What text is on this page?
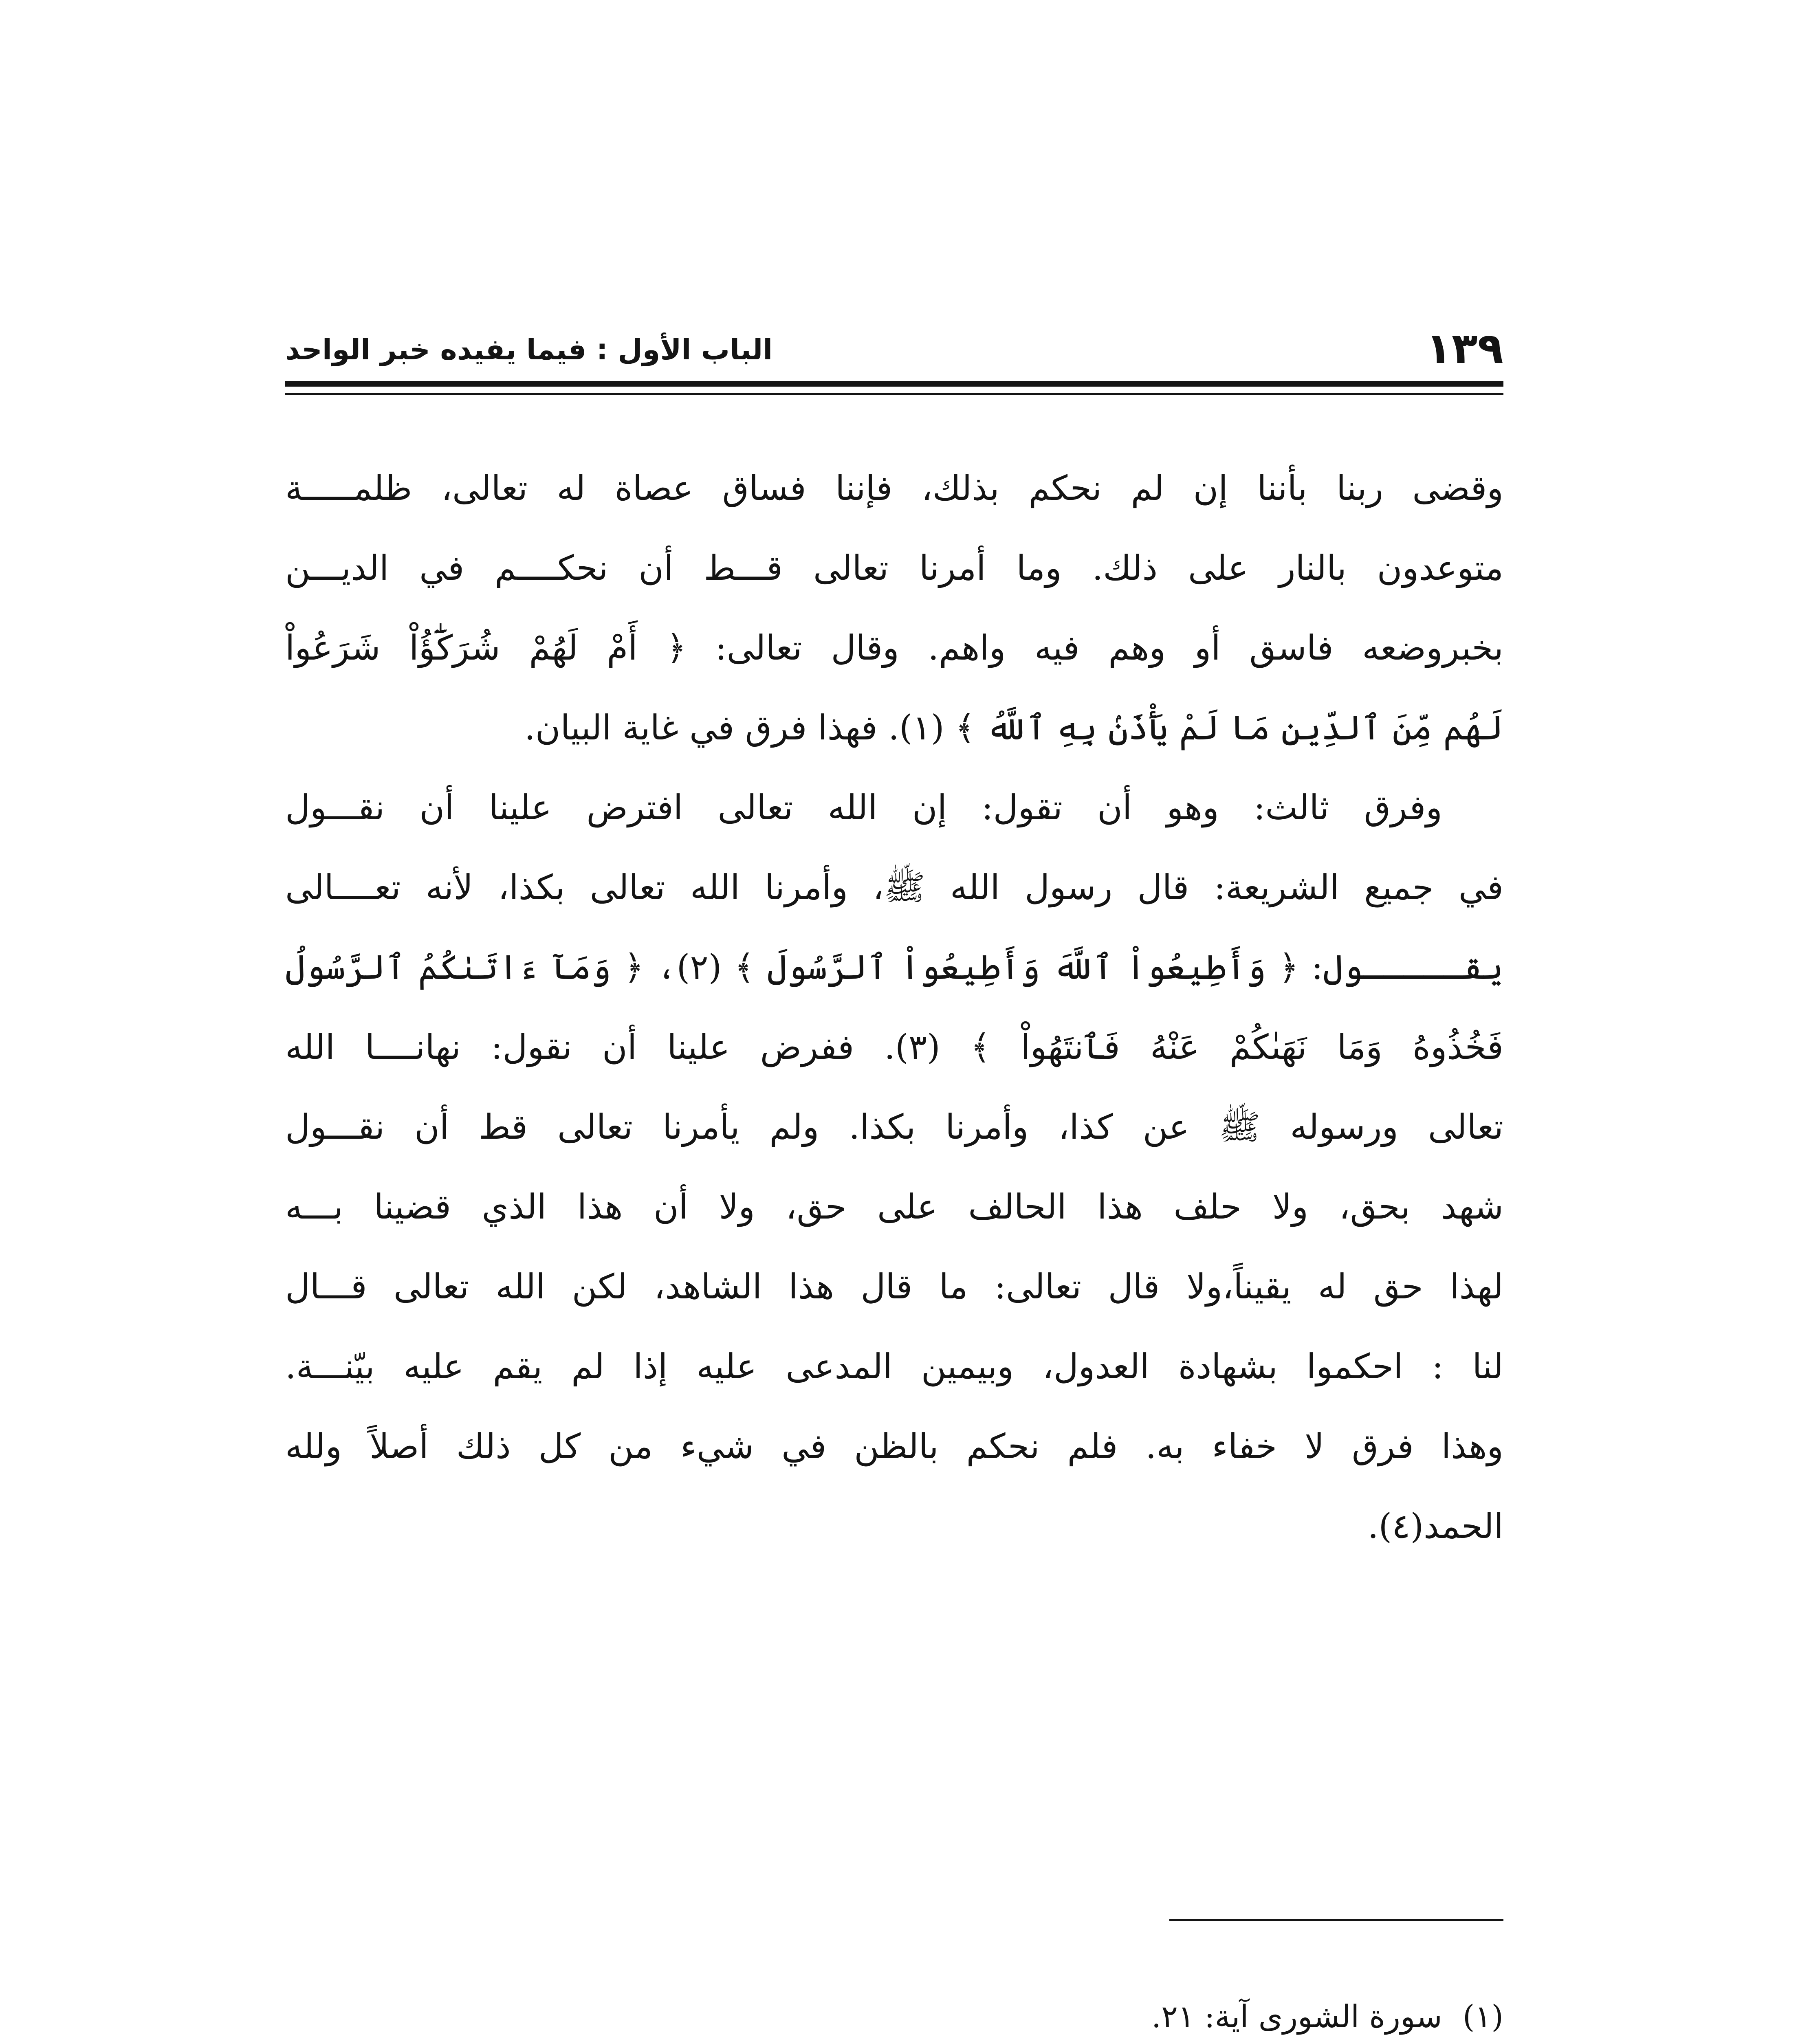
١٣٩
الباب الأول : فيما يفيده خبر الواحد
وقضى ربنا بأننا إن لم نحكم بذلك، فإننا فساق عصاة له تعالى، ظلمـــــة
متوعدون بالنار على ذلك. وما أمرنا تعالى قـــط أن نحكــــم في الديـــن
بخبروضعه فاسق أو وهم فيه واهم. وقال تعالى: ﴿ أَمْ لَهُمْ شُرَكَٰٓؤُاْ شَرَعُواْ
لَهُم مِّنَ ٱلدِّينِ مَا لَمْ يَأْذَنۢ بِهِ ٱللَّهُ ﴾ (١). فهذا فرق في غاية البيان.
وفرق ثالث: وهو أن تقول: إن الله تعالى افترض علينا أن نقـــول
في جميع الشريعة: قال رسول الله ﷺ، وأمرنا الله تعالى بكذا، لأنه تعــــالى
يقـــــول: ﴿ وَأَطِيعُواْ ٱللَّهَ وَأَطِيعُواْ ٱلرَّسُولَ ﴾ (٢)، ﴿ وَمَآ ءَاتَىٰكُمُ ٱلرَّسُولُ
فَخُذُوهُ وَمَا نَهَىٰكُمْ عَنْهُ فَٱنتَهُواْ ﴾ (٣). ففرض علينا أن نقول: نهانــــا الله
تعالى ورسوله ﷺ عن كذا، وأمرنا بكذا. ولم يأمرنا تعالى قط أن نقـــول
شهد بحق، ولا حلف هذا الحالف على حق، ولا أن هذا الذي قضينا بـــه
لهذا حق له يقيناً،ولا قال تعالى: ما قال هذا الشاهد، لكن الله تعالى قـــال
لنا : احكموا بشهادة العدول، وبيمين المدعى عليه إذا لم يقم عليه بيّنـــة.
وهذا فرق لا خفاء به. فلم نحكم بالظن في شيء من كل ذلك أصلاً ولله
الحمد(٤).
(١)سورة الشورى آية: ٢١.
